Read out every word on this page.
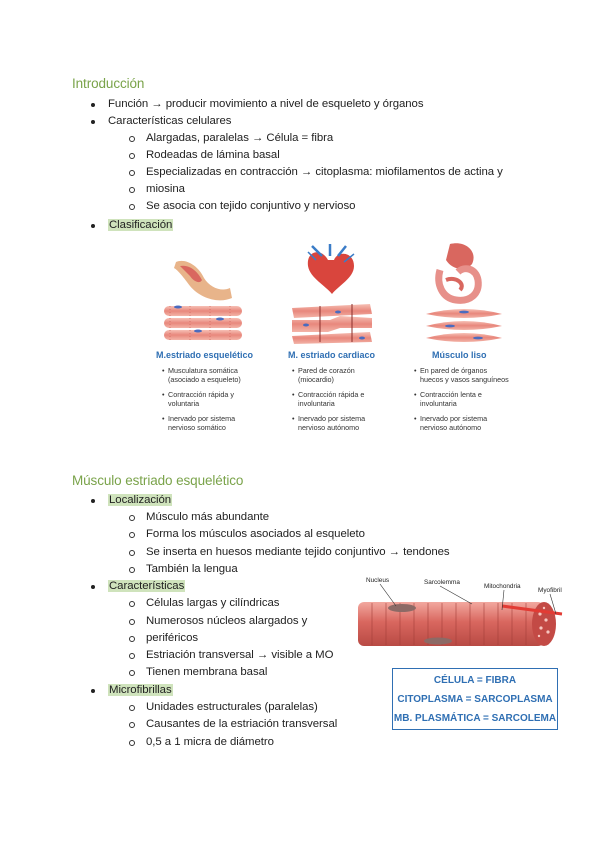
Introducción
Función → producir movimiento a nivel de esqueleto y órganos
Características celulares
Alargadas, paralelas → Célula = fibra
Rodeadas de lámina basal
Especializadas en contracción → citoplasma: miofilamentos de actina y
miosina
Se asocia con tejido conjuntivo y nervioso
Clasificación
M.estriado esquelético	M. estriado cardiaco	Músculo liso
• Musculatura somática
(asociado a esqueleto)
• Contracción rápida y
voluntaria
• Inervado por sistema
nervioso somático
• Pared de corazón
(miocardio)
• Contracción rápida e
involuntaria
• Inervado por sistema
nervioso autónomo
• En pared de órganos
huecos y vasos sanguíneos
• Contracción lenta e
involuntaria
• Inervado por sistema
nervioso autónomo
Músculo estriado esquelético
Localización
Músculo más abundante
Forma los músculos asociados al esqueleto
Se inserta en huesos mediante tejido conjuntivo → tendones
También la lengua
Características
Células largas y cilíndricas
Numerosos núcleos alargados y
periféricos
Estriación transversal → visible a MO
Tienen membrana basal
Microfibrillas
Unidades estructurales (paralelas)
Causantes de la estriación transversal
0,5 a 1 micra de diámetro
Nucleus	Sarcolemma
Mitochondria
Myofibril
CÉLULA = FIBRA
CITOPLASMA = SARCOPLASMA
MB. PLASMÁTICA = SARCOLEMA
